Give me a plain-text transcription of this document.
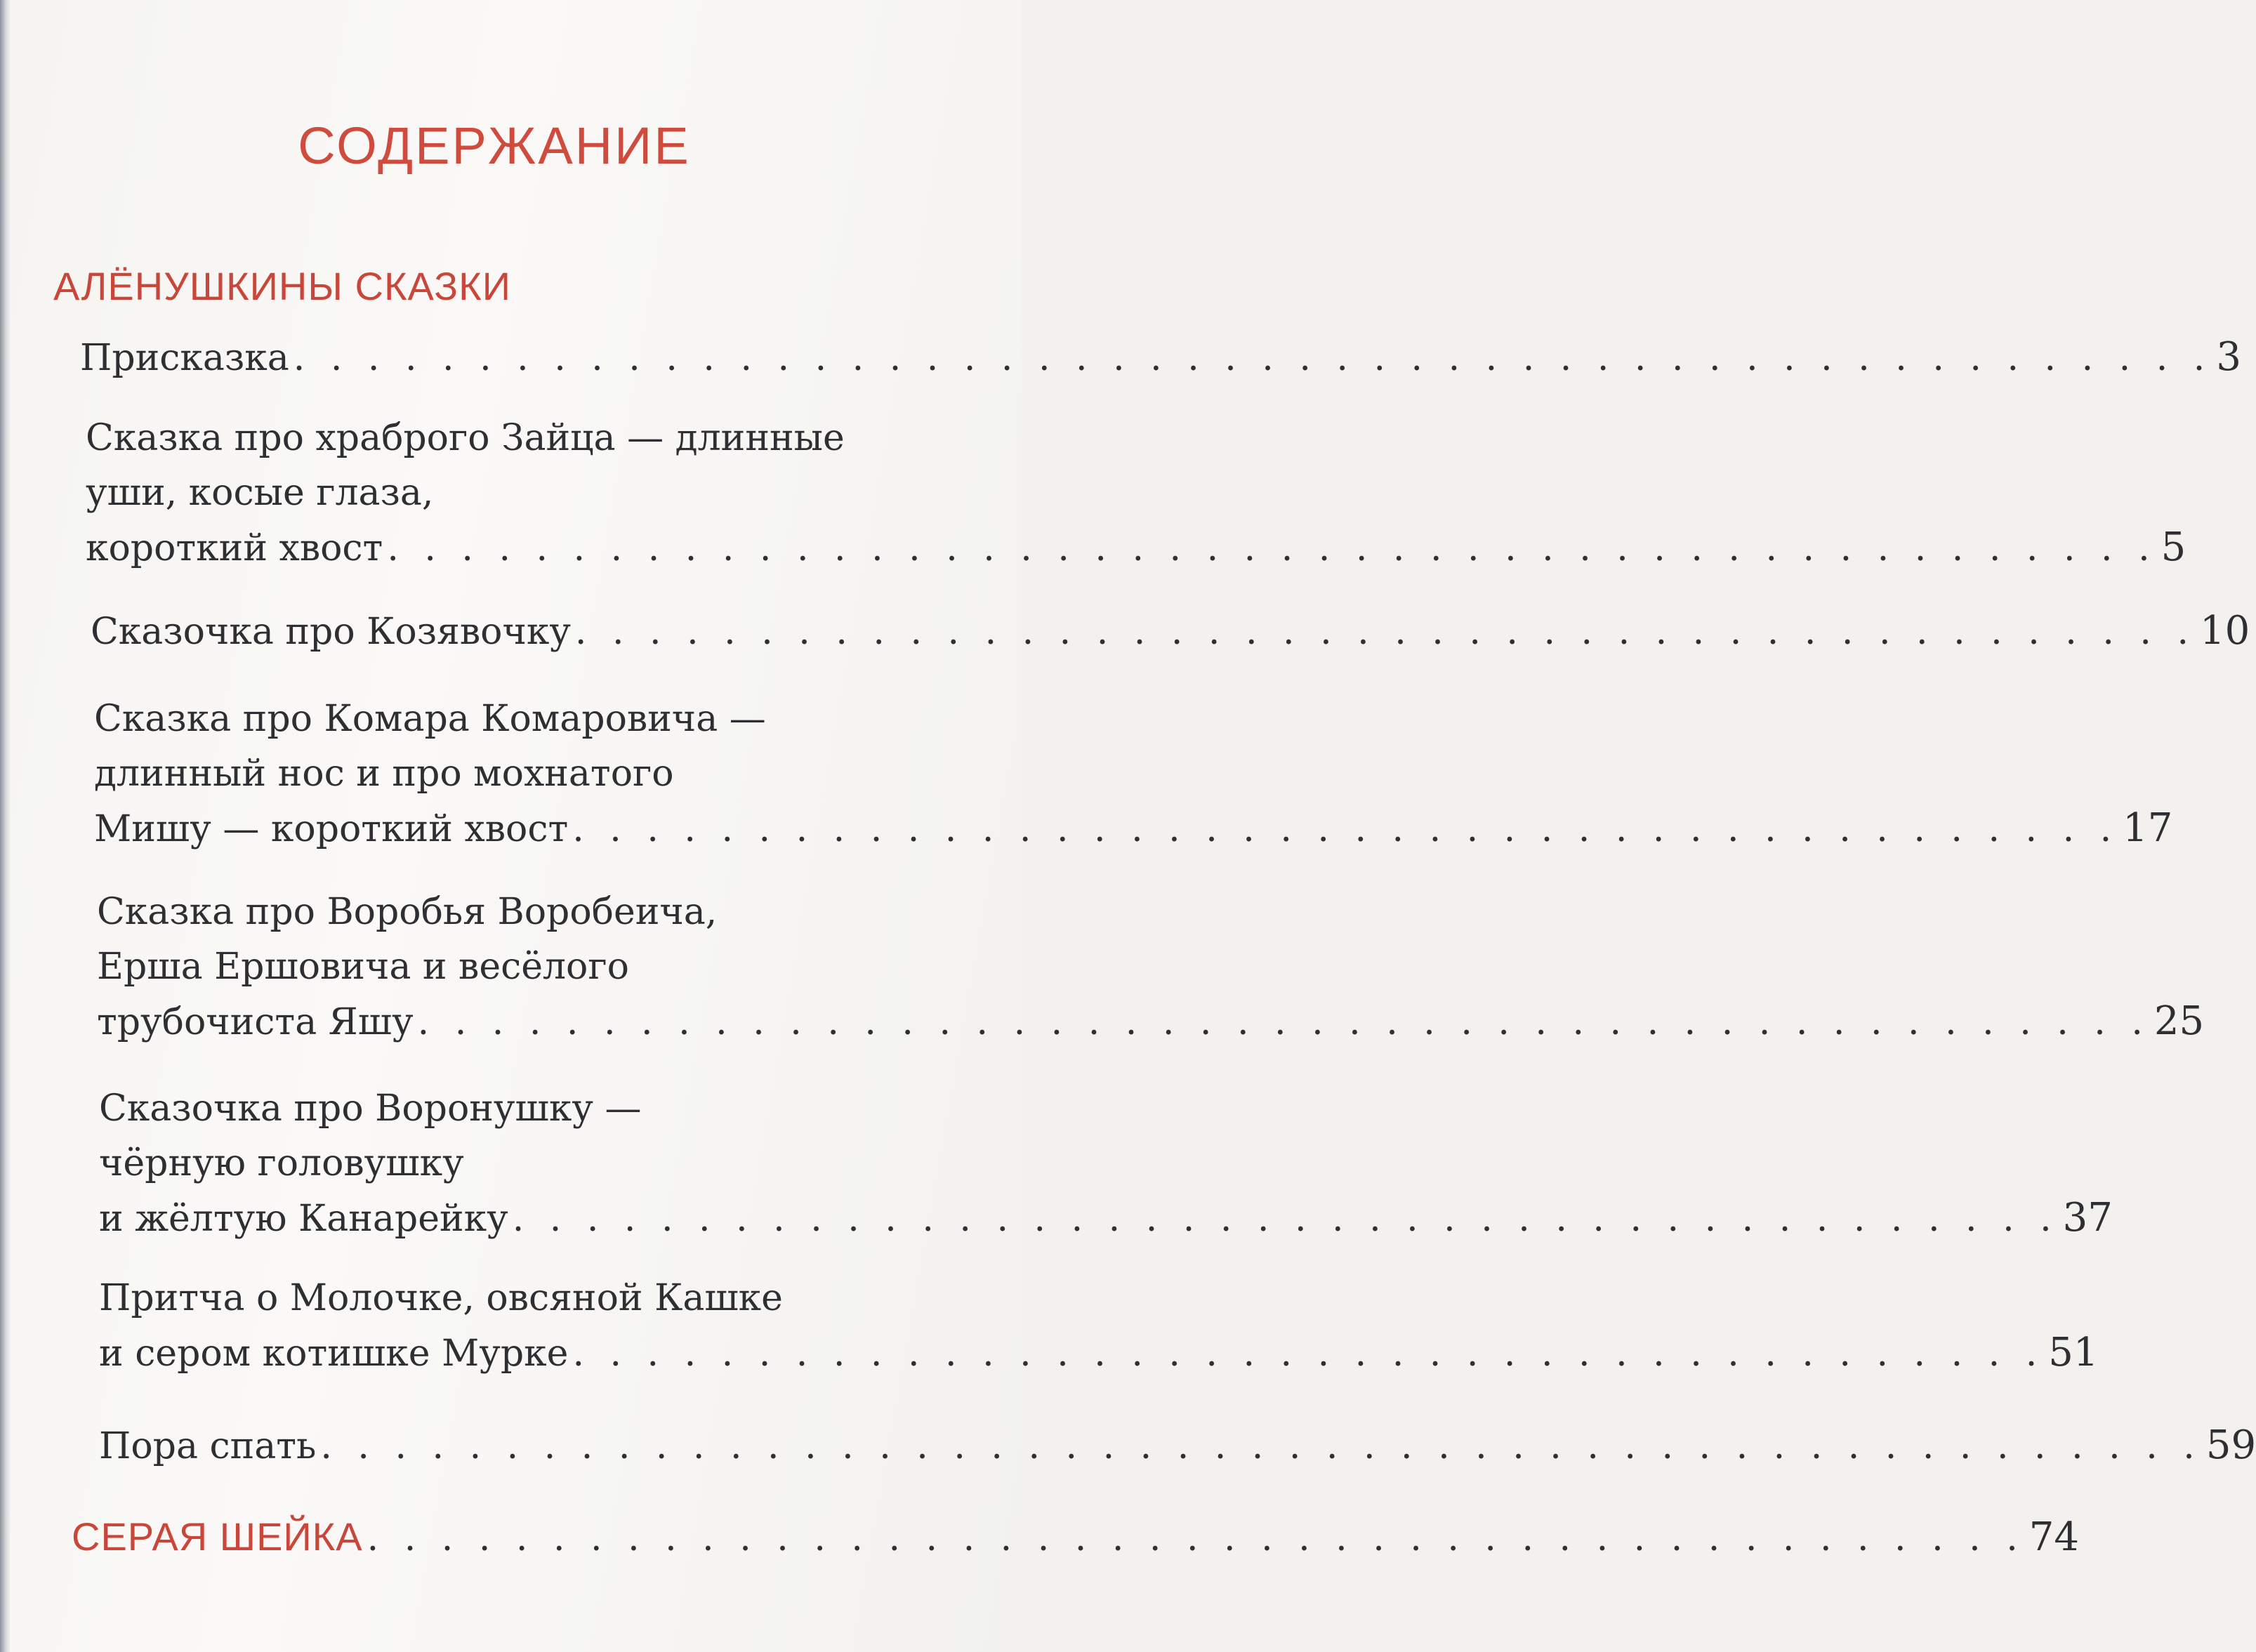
СОДЕРЖАНИЕ
АЛЁНУШКИНЫ СКАЗКИ
Присказка . . . . . . . . . . . . . . . . . . . . . . . . . . . . . . . . . . . . . . . . . . . . . . . . . . . . 3
Сказка про храброго Зайца — длинные
уши, косые глаза,
короткий хвост . . . . . . . . . . . . . . . . . . . . . . . . . . . . . . . . . . . . . . . . . . . . . . . . 5
Сказочка про Козявочку . . . . . . . . . . . . . . . . . . . . . . . . . . . . . . . . . . . . . . . . . . . . 10
Сказка про Комара Комаровича —
длинный нос и про мохнатого
Мишу — короткий хвост . . . . . . . . . . . . . . . . . . . . . . . . . . . . . . . . . . . . . . . . . . 17
Сказка про Воробья Воробеича,
Ерша Ершовича и весёлого
трубочиста Яшу . . . . . . . . . . . . . . . . . . . . . . . . . . . . . . . . . . . . . . . . . . . . . . . 25
Сказочка про Воронушку —
чёрную головушку
и жёлтую Канарейку . . . . . . . . . . . . . . . . . . . . . . . . . . . . . . . . . . . . . . . . . . 37
Притча о Молочке, овсяной Кашке
и сером котишке Мурке . . . . . . . . . . . . . . . . . . . . . . . . . . . . . . . . . . . . . . . . 51
Пора спать . . . . . . . . . . . . . . . . . . . . . . . . . . . . . . . . . . . . . . . . . . . . . . . . . . . 59
СЕРАЯ ШЕЙКА . . . . . . . . . . . . . . . . . . . . . . . . . . . . . . . . . . . . . . . . . . . . . 74
